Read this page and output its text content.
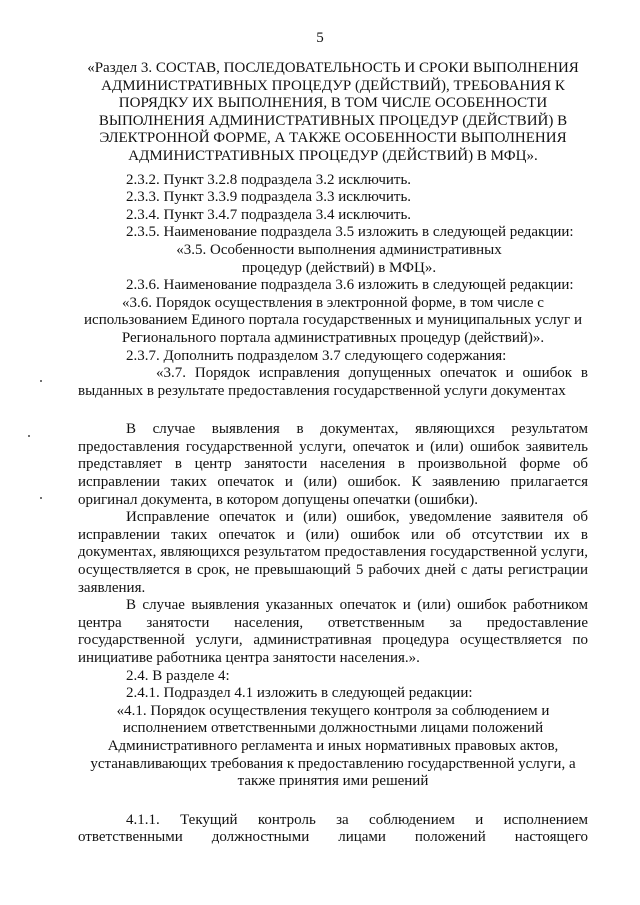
5

«Раздел 3. СОСТАВ, ПОСЛЕДОВАТЕЛЬНОСТЬ И СРОКИ ВЫПОЛНЕНИЯ АДМИНИСТРАТИВНЫХ ПРОЦЕДУР (ДЕЙСТВИЙ), ТРЕБОВАНИЯ К ПОРЯДКУ ИХ ВЫПОЛНЕНИЯ, В ТОМ ЧИСЛЕ ОСОБЕННОСТИ ВЫПОЛНЕНИЯ АДМИНИСТРАТИВНЫХ ПРОЦЕДУР (ДЕЙСТВИЙ) В ЭЛЕКТРОННОЙ ФОРМЕ, А ТАКЖЕ ОСОБЕННОСТИ ВЫПОЛНЕНИЯ АДМИНИСТРАТИВНЫХ ПРОЦЕДУР (ДЕЙСТВИЙ) В МФЦ».

2.3.2. Пункт 3.2.8 подраздела 3.2 исключить.

2.3.3. Пункт 3.3.9 подраздела 3.3 исключить.

2.3.4. Пункт 3.4.7 подраздела 3.4 исключить.

2.3.5. Наименование подраздела 3.5 изложить в следующей редакции:

«3.5. Особенности выполнения административных процедур (действий) в МФЦ».

2.3.6. Наименование подраздела 3.6 изложить в следующей редакции:

«3.6. Порядок осуществления в электронной форме, в том числе с использованием Единого портала государственных и муниципальных услуг и Регионального портала административных процедур (действий)».

2.3.7. Дополнить подразделом 3.7 следующего содержания:

«3.7. Порядок исправления допущенных опечаток и ошибок в выданных в результате предоставления государственной услуги документах

В случае выявления в документах, являющихся результатом предоставления государственной услуги, опечаток и (или) ошибок заявитель представляет в центр занятости населения в произвольной форме об исправлении таких опечаток и (или) ошибок. К заявлению прилагается оригинал документа, в котором допущены опечатки (ошибки).

Исправление опечаток и (или) ошибок, уведомление заявителя об исправлении таких опечаток и (или) ошибок или об отсутствии их в документах, являющихся результатом предоставления государственной услуги, осуществляется в срок, не превышающий 5 рабочих дней с даты регистрации заявления.

В случае выявления указанных опечаток и (или) ошибок работником центра занятости населения, ответственным за предоставление государственной услуги, административная процедура осуществляется по инициативе работника центра занятости населения.».

2.4. В разделе 4:

2.4.1. Подраздел 4.1 изложить в следующей редакции:

«4.1. Порядок осуществления текущего контроля за соблюдением и исполнением ответственными должностными лицами положений Административного регламента и иных нормативных правовых актов, устанавливающих требования к предоставлению государственной услуги, а также принятия ими решений

4.1.1. Текущий контроль за соблюдением и исполнением ответственными должностными лицами положений настоящего
